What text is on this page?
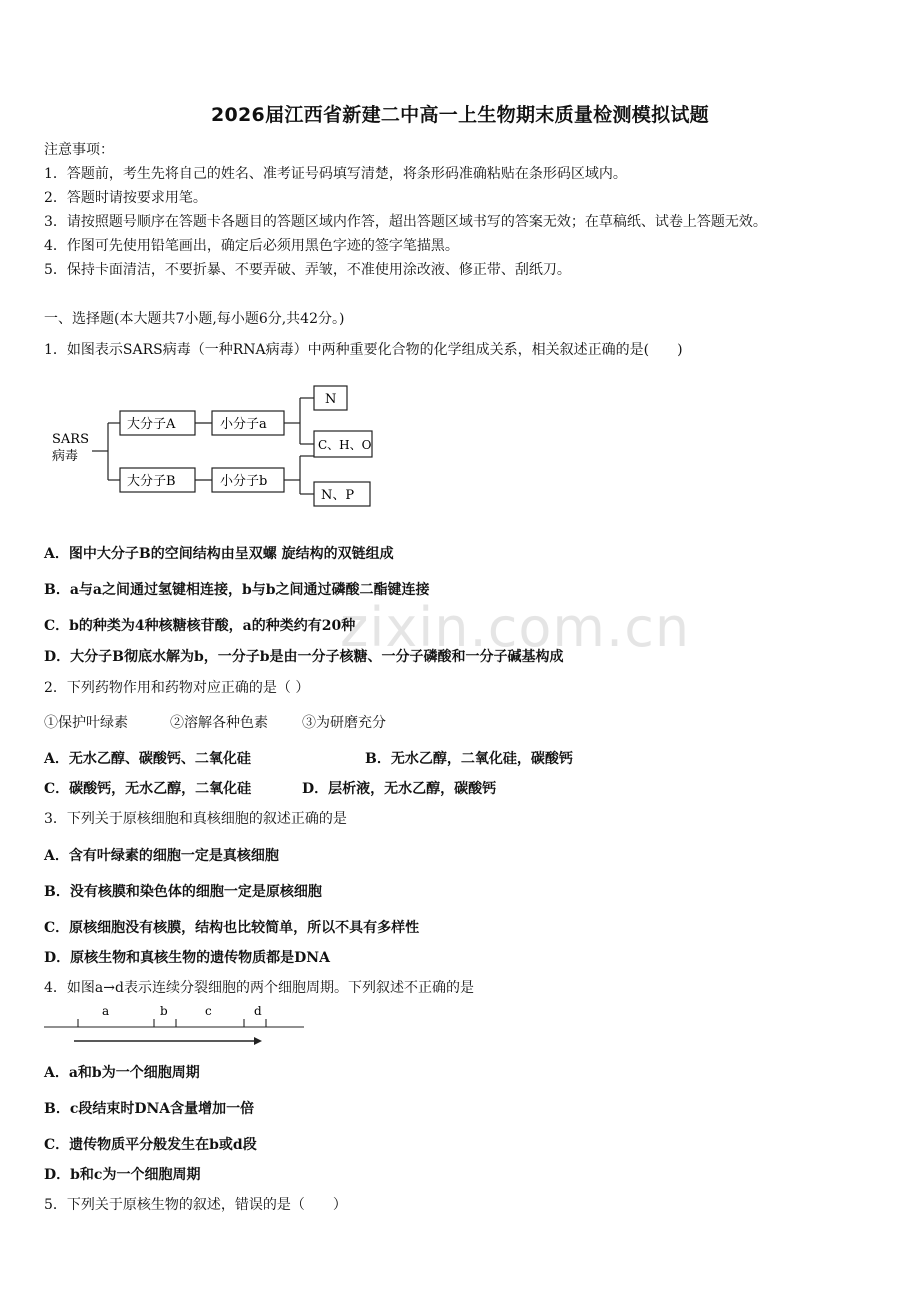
2026届江西省新建二中高一上生物期末质量检测模拟试题
注意事项：
1．答题前，考生先将自己的姓名、准考证号码填写清楚，将条形码准确粘贴在条形码区域内。
2．答题时请按要求用笔。
3．请按照题号顺序在答题卡各题目的答题区域内作答，超出答题区域书写的答案无效；在草稿纸、试卷上答题无效。
4．作图可先使用铅笔画出，确定后必须用黑色字迹的签字笔描黑。
5．保持卡面清洁，不要折暴、不要弄破、弄皱，不准使用涂改液、修正带、刮纸刀。
一、选择题(本大题共7小题,每小题6分,共42分。)
1．如图表示SARS病毒（一种RNA病毒）中两种重要化合物的化学组成关系，相关叙述正确的是(　　)
SARS
病毒
大分子A	小分子a
大分子B	小分子b
N
C、H、O
N、P
A．图中大分子B的空间结构由呈双螺 旋结构的双链组成
B．a与a之间通过氢键相连接，b与b之间通过磷酸二酯键连接
C．b的种类为4种核糖核苷酸，a的种类约有20种
D．大分子B彻底水解为b，一分子b是由一分子核糖、一分子磷酸和一分子碱基构成
2．下列药物作用和药物对应正确的是（ ）
①保护叶绿素	②溶解各种色素 ③为研磨充分
A．无水乙醇、碳酸钙、二氧化硅	B．无水乙醇，二氧化硅，碳酸钙
C．碳酸钙，无水乙醇，二氧化硅	D．层析液，无水乙醇，碳酸钙
3．下列关于原核细胞和真核细胞的叙述正确的是
A．含有叶绿素的细胞一定是真核细胞
B．没有核膜和染色体的细胞一定是原核细胞
C．原核细胞没有核膜，结构也比较简单，所以不具有多样性
D．原核生物和真核生物的遗传物质都是DNA
4．如图a→d表示连续分裂细胞的两个细胞周期。下列叙述不正确的是
a	b	c	d
A．a和b为一个细胞周期
B．c段结束时DNA含量增加一倍
C．遗传物质平分般发生在b或d段
D．b和c为一个细胞周期
5．下列关于原核生物的叙述，错误的是（　　）
zixin.com.cn
